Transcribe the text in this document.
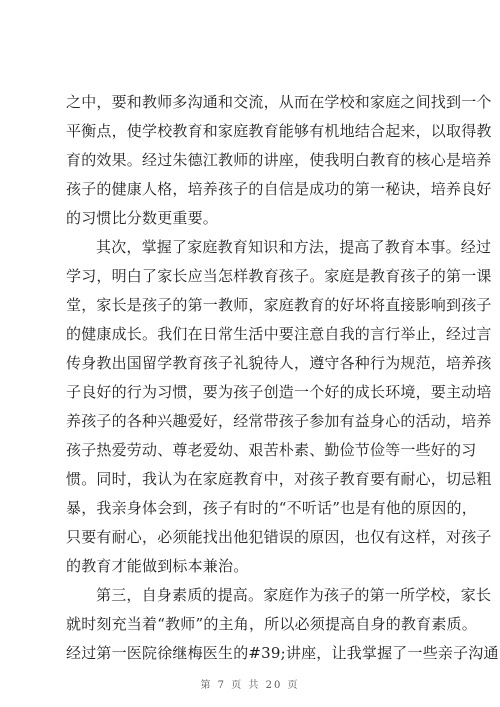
之中，要和教师多沟通和交流，从而在学校和家庭之间找到一个
平衡点，使学校教育和家庭教育能够有机地结合起来，以取得教
育的效果。经过朱德江教师的讲座，使我明白教育的核心是培养
孩子的健康人格，培养孩子的自信是成功的第一秘诀，培养良好
的习惯比分数更重要。
其次，掌握了家庭教育知识和方法，提高了教育本事。经过
学习，明白了家长应当怎样教育孩子。家庭是教育孩子的第一课
堂，家长是孩子的第一教师，家庭教育的好坏将直接影响到孩子
的健康成长。我们在日常生活中要注意自我的言行举止，经过言
传身教出国留学教育孩子礼貌待人，遵守各种行为规范，培养孩
子良好的行为习惯，要为孩子创造一个好的成长环境，要主动培
养孩子的各种兴趣爱好，经常带孩子参加有益身心的活动，培养
孩子热爱劳动、尊老爱幼、艰苦朴素、勤俭节俭等一些好的习
惯。同时，我认为在家庭教育中，对孩子教育要有耐心，切忌粗
暴，我亲身体会到，孩子有时的“不听话”也是有他的原因的，
只要有耐心，必须能找出他犯错误的原因，也仅有这样，对孩子
的教育才能做到标本兼治。
第三，自身素质的提高。家庭作为孩子的第一所学校，家长
就时刻充当着“教师”的主角，所以必须提高自身的教育素质。
经过第一医院徐继梅医生的#39;讲座，让我掌握了一些亲子沟通
第 7 页 共 20 页
